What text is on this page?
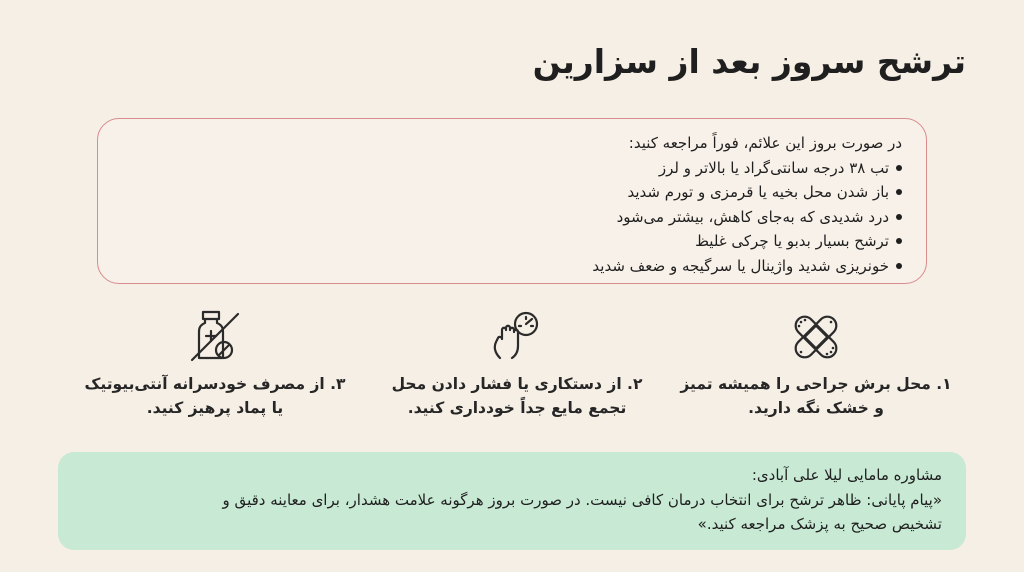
ترشح سروز بعد از سزارین

در صورت بروز این علائم، فوراً مراجعه کنید:

تب ۳۸ درجه سانتی‌گراد یا بالاتر و لرز
باز شدن محل بخیه یا قرمزی و تورم شدید
درد شدیدی که به‌جای کاهش، بیشتر می‌شود
ترشح بسیار بدبو یا چرکی غلیظ
خونریزی شدید واژینال یا سرگیجه و ضعف شدید
۱. محل برش جراحی را همیشه تمیز
و خشک نگه دارید.
۲. از دستکاری یا فشار دادن محل
تجمع مایع جداً خودداری کنید.
۳. از مصرف خودسرانه آنتی‌بیوتیک
یا پماد پرهیز کنید.
مشاوره مامایی لیلا علی آبادی:
«پیام پایانی: ظاهر ترشح برای انتخاب درمان کافی نیست. در صورت بروز هرگونه علامت هشدار، برای معاینه دقیق و
تشخیص صحیح به پزشک مراجعه کنید.»
